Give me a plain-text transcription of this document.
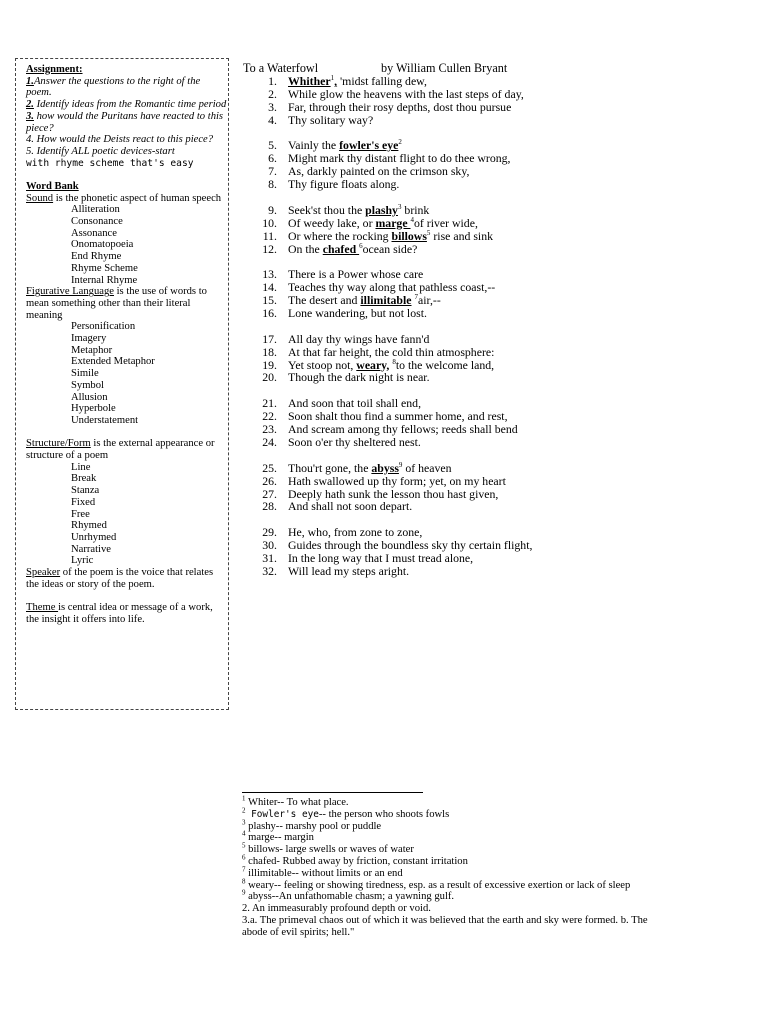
Assignment:
1.Answer the questions to the right of the poem.
2. Identify ideas from the Romantic time period
3. how would the Puritans have reacted to this piece?
4. How would the Deists react to this piece?
5. Identify ALL poetic devices-start
with rhyme scheme that's easy
Word Bank
Sound is the phonetic aspect of human speech
Alliteration
Consonance
Assonance
Onomatopoeia
End Rhyme
Rhyme Scheme
Internal Rhyme
Figurative Language is the use of words to mean something other than their literal meaning
Personification
Imagery
Metaphor
Extended Metaphor
Simile
Symbol
Allusion
Hyperbole
Understatement
Structure/Form is the external appearance or structure of a poem
Line
Break
Stanza
Fixed
Free
Rhymed
Unrhymed
Narrative
Lyric
Speaker of the poem is the voice that relates the ideas or story of the poem.
Theme is central idea or message of a work, the insight it offers into life.
To a Waterfowl	by William Cullen Bryant
1. Whither$^1$, 'midst falling dew,
2. While glow the heavens with the last steps of day,
3. Far, through their rosy depths, dost thou pursue
4. Thy solitary way?
5. Vainly the fowler's eye$^2$
6. Might mark thy distant flight to do thee wrong,
7. As, darkly painted on the crimson sky,
8. Thy figure floats along.
9. Seek'st thou the plashy$^3$ brink
10. Of weedy lake, or marge $^4$of river wide,
11. Or where the rocking billows$^5$ rise and sink
12. On the chafed $^6$ocean side?
13. There is a Power whose care
14. Teaches thy way along that pathless coast,--
15. The desert and illimitable $^7$air,--
16. Lone wandering, but not lost.
17. All day thy wings have fann'd
18. At that far height, the cold thin atmosphere:
19. Yet stoop not, weary, $^8$to the welcome land,
20. Though the dark night is near.
21. And soon that toil shall end,
22. Soon shalt thou find a summer home, and rest,
23. And scream among thy fellows; reeds shall bend
24. Soon o'er thy sheltered nest.
25. Thou'rt gone, the abyss$^9$ of heaven
26. Hath swallowed up thy form; yet, on my heart
27. Deeply hath sunk the lesson thou hast given,
28. And shall not soon depart.
29. He, who, from zone to zone,
30. Guides through the boundless sky thy certain flight,
31. In the long way that I must tread alone,
32. Will lead my steps aright.
$^1$ Whiter-- To what place.
$^2$ Fowler's eye-- the person who shoots fowls
$^3$ plashy-- marshy pool or puddle
$^4$ marge-- margin
$^5$ billows- large swells or waves of water
$^6$ chafed- Rubbed away by friction, constant irritation
$^7$ illimitable-- without limits or an end
$^8$ weary-- feeling or showing tiredness, esp. as a result of excessive exertion or lack of sleep
$^9$ abyss--An unfathomable chasm; a yawning gulf.
2. An immeasurably profound depth or void.
3.a. The primeval chaos out of which it was believed that the earth and sky were formed. b. The abode of evil spirits; hell."
